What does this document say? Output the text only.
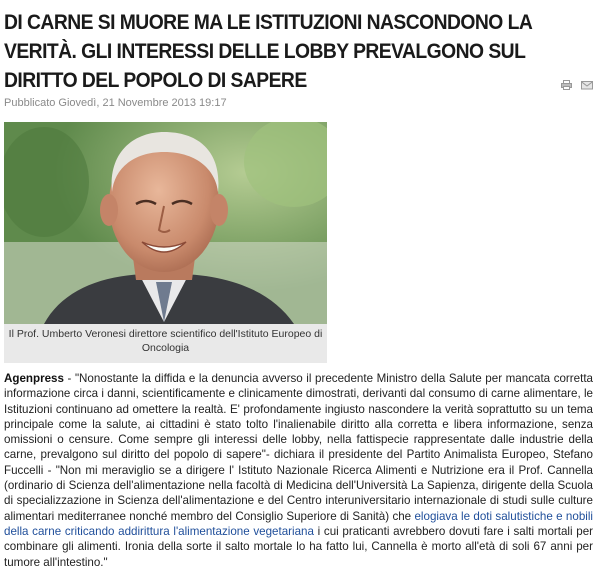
DI CARNE SI MUORE MA LE ISTITUZIONI NASCONDONO LA VERITÀ. GLI INTERESSI DELLE LOBBY PREVALGONO SUL DIRITTO DEL POPOLO DI SAPERE
Pubblicato Giovedì, 21 Novembre 2013 19:17
Il Prof. Umberto Veronesi direttore scientifico dell'Istituto Europeo di Oncologia

Agenpress - "Nonostante la diffida e la denuncia avverso il precedente Ministro della Salute per mancata corretta informazione circa i danni, scientificamente e clinicamente dimostrati, derivanti dal consumo di carne alimentare, le Istituzioni continuano ad omettere la realtà. E' profondamente ingiusto nascondere la verità soprattutto su un tema principale come la salute, ai cittadini è stato tolto l'inalienabile diritto alla corretta e libera informazione, senza omissioni o censure. Come sempre gli interessi delle lobby, nella fattispecie rappresentate dalle industrie della carne, prevalgono sul diritto del popolo di sapere"- dichiara il presidente del Partito Animalista Europeo, Stefano Fuccelli - "Non mi meraviglio se a dirigere l' Istituto Nazionale Ricerca Alimenti e Nutrizione era il Prof. Cannella (ordinario di Scienza dell'alimentazione nella facoltà di Medicina dell'Università La Sapienza, dirigente della Scuola di specializzazione in Scienza dell'alimentazione e del Centro interuniversitario internazionale di studi sulle culture alimentari mediterranee nonché membro del Consiglio Superiore di Sanità) che elogiava le doti salutistiche e nobili della carne criticando addirittura l'alimentazione vegetariana i cui praticanti avrebbero dovuti fare i salti mortali per combinare gli alimenti. Ironia della sorte il salto mortale lo ha fatto lui, Cannella è morto all'età di soli 67 anni per tumore all'intestino."
